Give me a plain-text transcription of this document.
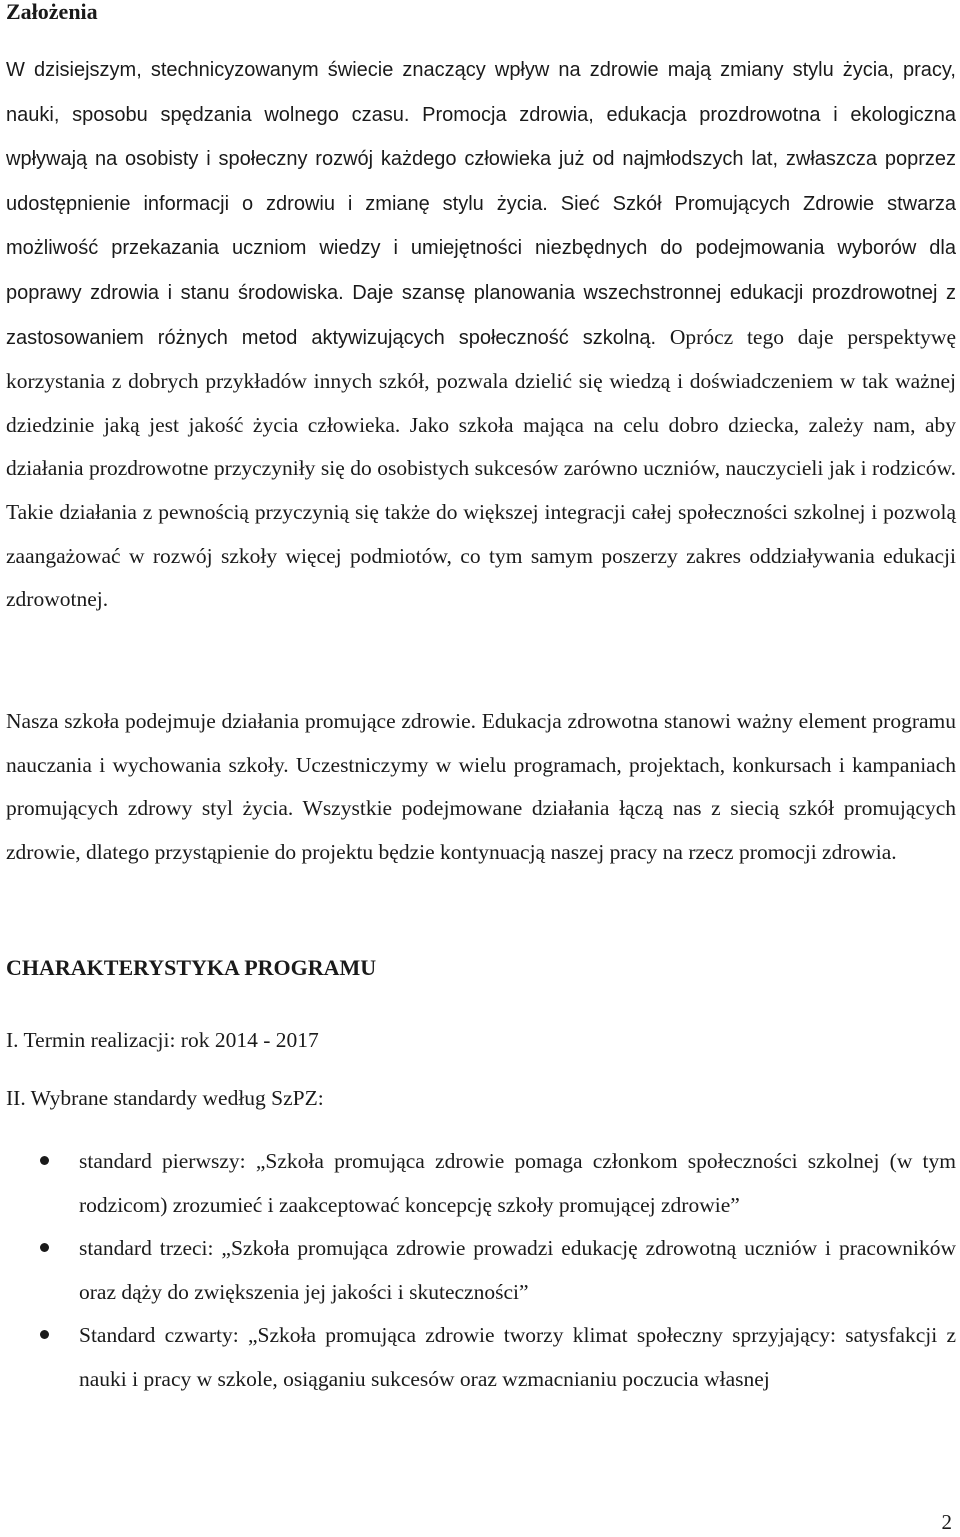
Założenia

W dzisiejszym, stechnicyzowanym świecie znaczący wpływ na zdrowie mają zmiany stylu życia, pracy, nauki, sposobu spędzania wolnego czasu. Promocja zdrowia, edukacja prozdrowotna i ekologiczna wpływają na osobisty i społeczny rozwój każdego człowieka już od najmłodszych lat, zwłaszcza poprzez udostępnienie informacji o zdrowiu i zmianę stylu życia. Sieć Szkół Promujących Zdrowie stwarza możliwość przekazania uczniom wiedzy i umiejętności niezbędnych do podejmowania wyborów dla poprawy zdrowia i stanu środowiska. Daje szansę planowania wszechstronnej edukacji prozdrowotnej z zastosowaniem różnych metod aktywizujących społeczność szkolną. Oprócz tego daje perspektywę korzystania z dobrych przykładów innych szkół, pozwala dzielić się wiedzą i doświadczeniem w tak ważnej dziedzinie jaką jest jakość życia człowieka. Jako szkoła mająca na celu dobro dziecka, zależy nam, aby działania prozdrowotne przyczyniły się do osobistych sukcesów zarówno uczniów, nauczycieli jak i rodziców. Takie działania z pewnością przyczynią się także do większej integracji całej społeczności szkolnej i pozwolą zaangażować w rozwój szkoły więcej podmiotów, co tym samym poszerzy zakres oddziaływania edukacji zdrowotnej.

Nasza szkoła podejmuje działania promujące zdrowie. Edukacja zdrowotna stanowi ważny element programu nauczania i wychowania szkoły. Uczestniczymy w wielu programach, projektach, konkursach i kampaniach promujących zdrowy styl życia. Wszystkie podejmowane działania łączą nas z siecią szkół promujących zdrowie, dlatego przystąpienie do projektu będzie kontynuacją naszej pracy na rzecz promocji zdrowia.

CHARAKTERYSTYKA PROGRAMU

I. Termin realizacji: rok 2014 - 2017

II. Wybrane standardy według SzPZ:

standard pierwszy: „Szkoła promująca zdrowie pomaga członkom społeczności szkolnej (w tym rodzicom) zrozumieć i zaakceptować koncepcję szkoły promującej zdrowie”
standard trzeci: „Szkoła promująca zdrowie prowadzi edukację zdrowotną uczniów i pracowników oraz dąży do zwiększenia jej jakości i skuteczności”
Standard czwarty: „Szkoła promująca zdrowie tworzy klimat społeczny sprzyjający: satysfakcji z nauki i pracy w szkole, osiąganiu sukcesów oraz wzmacnianiu poczucia własnej
2
